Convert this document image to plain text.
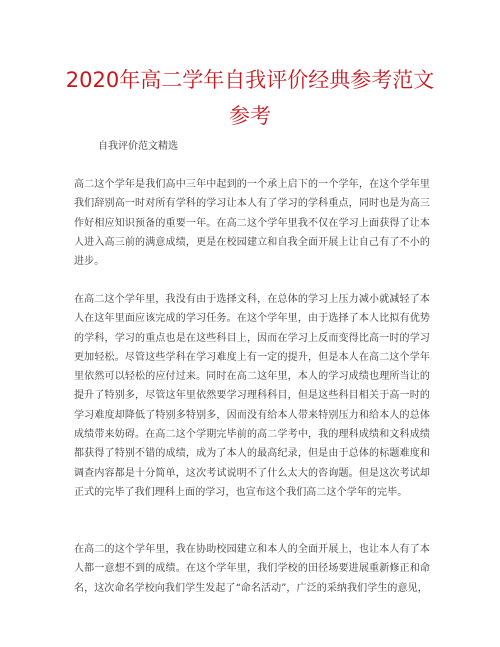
2020年高二学年自我评价经典参考范文参考

自我评价范文精选

高二这个学年是我们高中三年中起到的一个承上启下的一个学年，在这个学年里我们辞别高一时对所有学科的学习让本人有了学习的学科重点，同时也是为高三作好相应知识预备的重要一年。在高二这个学年里我不仅在学习上面获得了让本人进入高三前的满意成绩，更是在校园建立和自我全面开展上让自己有了不小的进步。

在高二这个学年里，我没有由于选择文科，在总体的学习上压力减小就减轻了本人在这年里面应该完成的学习任务。在这个学年里，由于选择了本人比拟有优势的学科，学习的重点也是在这些科目上，因而在学习上反而变得比高一时的学习更加轻松。尽管这些学科在学习难度上有一定的提升，但是本人在高二这个学年里依然可以轻松的应付过来。同时在高二这年里，本人的学习成绩也理所当让的提升了特别多，尽管这年里依然要学习理科科目，但是这些科目相关于高一时的学习难度却降低了特别多特别多，因而没有给本人带来特别压力和给本人的总体成绩带来妨碍。在高二这个学期完毕前的高二学考中，我的理科成绩和文科成绩都获得了特别不错的成绩，成为了本人的最高纪录，但是由于总体的标题难度和调查内容都是十分简单，这次考试说明不了什么太大的咨询题。但是这次考试却正式的完毕了我们理科上面的学习，也宣布这个我们高二这个学年的完毕。

在高二的这个学年里，我在协助校园建立和本人的全面开展上，也让本人有了本人都一意想不到的成绩。在这个学年里，我们学校的田径场要进展重新修正和命名，这次命名学校向我们学生发起了“命名活动”，广泛的采纳我们学生的意见，
